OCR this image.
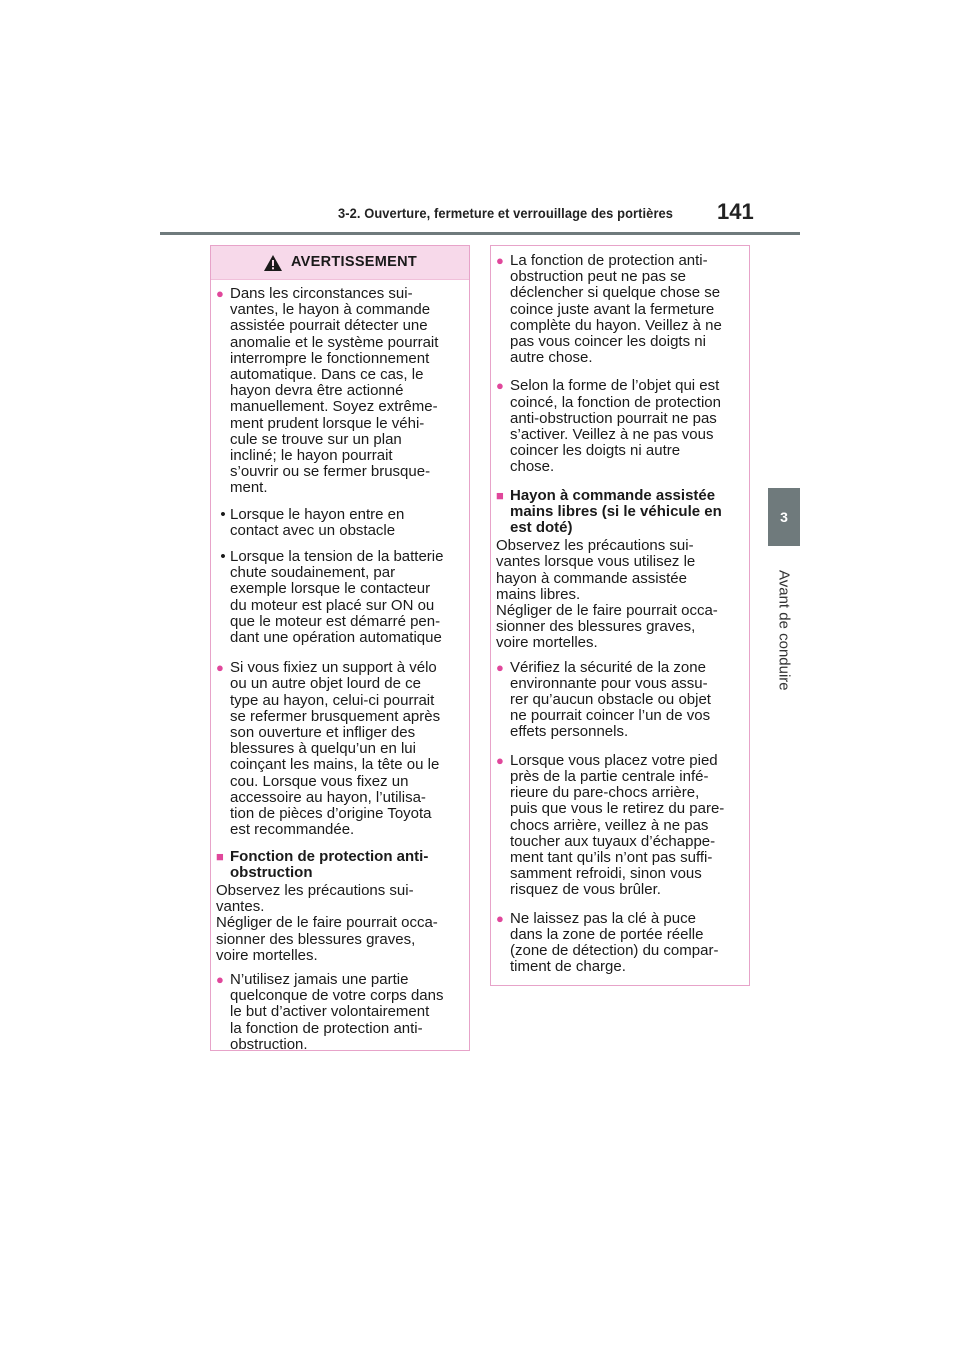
3-2. Ouverture, fermeture et verrouillage des portières 141
3
Avant de conduire
AVERTISSEMENT
● Dans les circonstances sui-
vantes, le hayon à commande
assistée pourrait détecter une
anomalie et le système pourrait
interrompre le fonctionnement
automatique. Dans ce cas, le
hayon devra être actionné
manuellement. Soyez extrême-
ment prudent lorsque le véhi-
cule se trouve sur un plan
incliné; le hayon pourrait
s’ouvrir ou se fermer brusque-
ment.
• Lorsque le hayon entre en
contact avec un obstacle
• Lorsque la tension de la batterie
chute soudainement, par
exemple lorsque le contacteur
du moteur est placé sur ON ou
que le moteur est démarré pen-
dant une opération automatique
● Si vous fixiez un support à vélo
ou un autre objet lourd de ce
type au hayon, celui-ci pourrait
se refermer brusquement après
son ouverture et infliger des
blessures à quelqu’un en lui
coinçant les mains, la tête ou le
cou. Lorsque vous fixez un
accessoire au hayon, l’utilisa-
tion de pièces d’origine Toyota
est recommandée.
■ Fonction de protection anti-
obstruction
Observez les précautions sui-
vantes.
Négliger de le faire pourrait occa-
sionner des blessures graves,
voire mortelles.
● N’utilisez jamais une partie
quelconque de votre corps dans
le but d’activer volontairement
la fonction de protection anti-
obstruction.
● La fonction de protection anti-
obstruction peut ne pas se
déclencher si quelque chose se
coince juste avant la fermeture
complète du hayon. Veillez à ne
pas vous coincer les doigts ni
autre chose.
● Selon la forme de l’objet qui est
coincé, la fonction de protection
anti-obstruction pourrait ne pas
s’activer. Veillez à ne pas vous
coincer les doigts ni autre
chose.
■ Hayon à commande assistée
mains libres (si le véhicule en
est doté)
Observez les précautions sui-
vantes lorsque vous utilisez le
hayon à commande assistée
mains libres.
Négliger de le faire pourrait occa-
sionner des blessures graves,
voire mortelles.
● Vérifiez la sécurité de la zone
environnante pour vous assu-
rer qu’aucun obstacle ou objet
ne pourrait coincer l’un de vos
effets personnels.
● Lorsque vous placez votre pied
près de la partie centrale infé-
rieure du pare-chocs arrière,
puis que vous le retirez du pare-
chocs arrière, veillez à ne pas
toucher aux tuyaux d’échappe-
ment tant qu’ils n’ont pas suffi-
samment refroidi, sinon vous
risquez de vous brûler.
● Ne laissez pas la clé à puce
dans la zone de portée réelle
(zone de détection) du compar-
timent de charge.
